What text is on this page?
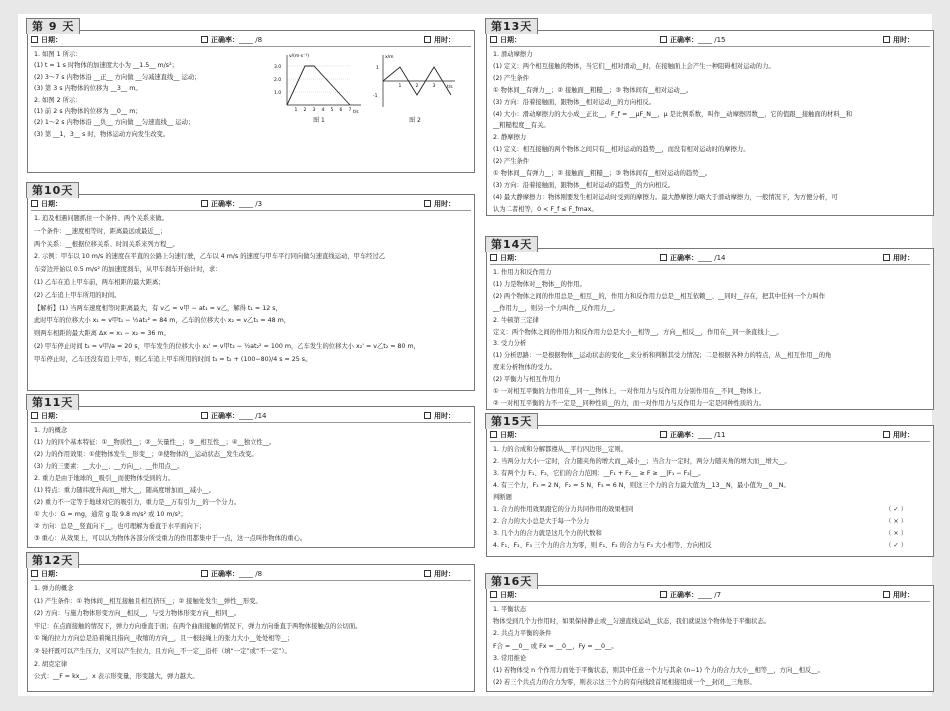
第 9 天
日期：	正确率： ____ /8	用时：

1. 如图 1 所示：

(1) t = 1 s 时物体的加速度大小为 __1.5__ m/s²；

(2) 3～7 s 内物体沿 __正__ 方向做 __匀减速直线__ 运动；

(3) 第 3 s 内物体的位移为 __3__ m。

2. 如图 2 所示：

(1) 前 2 s 内物体的位移为 __0__ m；

(2) 1～2 s 内物体沿 __负__ 方向做 __匀速直线__ 运动；

(3) 第 __1，3__ s 时，物体运动方向发生改变。

v/(m·s⁻¹)
t/s
3.0
2.0
1.0
1 2 3 4 5 6 7
图 1
x/m
t/s
1
-1
1	2	3
图 2
第10天
日期：	正确率： ____ /3	用时：

1. 追及相遇问题抓住一个条件、两个关系来做。

一个条件：__速度相等时，距离最远或最近__；

两个关系：__根据位移关系、时间关系来列方程__。

2. 示例：甲车以 10 m/s 的速度在平直的公路上匀速行驶，乙车以 4 m/s 的速度与甲车平行同向做匀速直线运动，甲车经过乙

车旁边开始以 0.5 m/s² 的加速度刹车，从甲车刹车开始计时，求：

(1) 乙车在追上甲车前，两车相距的最大距离；

(2) 乙车追上甲车所用的时间。

【解析】(1) 当两车速度相等时距离最大，有 v乙 = v甲 − at₁ = v乙，解得 t₁ = 12 s，

此时甲车的位移大小 x₁ = v甲t₁ − ½at₁² = 84 m，乙车的位移大小 x₂ = v乙t₁ = 48 m，

则两车相距的最大距离 Δx = x₁ − x₂ = 36 m。

(2) 甲车停止时间 t₂ = v甲/a = 20 s，甲车发生的位移大小 x₁' = v甲t₂ − ½at₂² = 100 m，乙车发生的位移大小 x₂' = v乙t₂ = 80 m，

甲车停止时，乙车还没有追上甲车，则乙车追上甲车所用的时间 t₃ = t₂ + (100−80)/4 s = 25 s。

第11天
日期：	正确率： ____ /14	用时：

1. 力的概念

(1) 力的四个基本特征：①__物质性__；②__矢量性__；③__相互性__；④__独立性__。

(2) 力的作用效果：①使物体发生__形变__；②使物体的__运动状态__发生改变。

(3) 力的三要素：__大小__、__方向__、__作用点__。

2. 重力是由于地球的__吸引__而使物体受到的力。

(1) 特点：重力随纬度升高而__增大__，随高度增加而__减小__。

(2) 重力不一定等于地球对它的吸引力，重力是__万有引力__的一个分力。

① 大小：G = mg，通常 g 取 9.8 m/s² 或 10 m/s²；

② 方向：总是__竖直向下__，也可理解为垂直于水平面向下；

③ 重心：从效果上，可以认为物体各部分所受重力的作用都集中于一点，这一点叫作物体的重心。

第12天
日期：	正确率： ____ /8	用时：

1. 弹力的概念

(1) 产生条件：① 物体间__相互接触且相互挤压__；② 接触处发生__弹性__形变。

(2) 方向：与施力物体形变方向__相反__，与受力物体形变方向__相同__。

牢记：在点面接触的情况下，弹力方向垂直于面；在两个曲面接触的情况下，弹力方向垂直于两物体接触点的公切面。

① 绳的拉力方向总是沿着绳且指向__收缩的方向__，且一根轻绳上的张力大小__处处相等__；

② 轻杆既可以产生压力，又可以产生拉力，且方向__不一定__沿杆（填“一定”或“不一定”）。

2. 胡克定律

公式：__F = kx__，x 表示形变量，形变越大，弹力越大。

第13天
日期：	正确率： ____ /15	用时：

1. 滑动摩擦力

(1) 定义：两个相互接触的物体，当它们__相对滑动__时，在接触面上会产生一种阻碍相对运动的力。

(2) 产生条件

① 物体间__有弹力__；② 接触面__粗糙__；③ 物体间有__相对运动__。

(3) 方向：沿着接触面，跟物体__相对运动__的方向相反。

(4) 大小：滑动摩擦力的大小成__正比__，F_f = __μF_N__，μ 是比例系数，叫作__动摩擦因数__，它的值跟__接触面的材料__和

__粗糙程度__有关。

2. 静摩擦力

(1) 定义：相互接触的两个物体之间只有__相对运动的趋势__，而没有相对运动时的摩擦力。

(2) 产生条件

① 物体间__有弹力__；② 接触面__粗糙__；③ 物体间有__相对运动的趋势__。

(3) 方向：沿着接触面，跟物体__相对运动的趋势__的方向相反。

(4) 最大静摩擦力：物体刚要发生相对运动时受到的摩擦力。最大静摩擦力略大于滑动摩擦力，一般情况下，为方便分析，可

认为二者相等，0 < F_f ≤ F_fmax。

第14天
日期：	正确率： ____ /14	用时：

1. 作用力和反作用力

(1) 力是物体对__物体__的作用。

(2) 两个物体之间的作用总是__相互__的，作用力和反作用力总是__相互依赖__、__同时__存在，把其中任何一个力叫作

__作用力__，则另一个力叫作__反作用力__。

2. 牛顿第三定律

定义：两个物体之间的作用力和反作用力总是大小__相等__，方向__相反__，作用在__同一条直线上__。

3. 受力分析

(1) 分析思路：一是根据物体__运动状态的变化__来分析和判断其受力情况；二是根据各种力的特点，从__相互作用__的角

度来分析物体的受力。

(2) 平衡力与相互作用力

① 一对相互平衡的力作用在__同一__物体上，一对作用力与反作用力分别作用在__不同__物体上。

② 一对相互平衡的力不一定是__同种性质__的力，而一对作用力与反作用力一定是同种性质的力。

第15天
日期：	正确率： ____ /11	用时：

1. 力的合成和分解都遵从__平行四边形__定则。

2. 当两分力大小一定时，合力随夹角的增大而__减小__；当合力一定时，两分力随夹角的增大而__增大__。

3. 有两个力 F₁、F₂，它们的合力范围：__F₁ + F₂__ ≥ F ≥ __|F₁ − F₂|__。

4. 有三个力，F₁ = 2 N，F₂ = 5 N，F₃ = 6 N，则这三个力的合力最大值为__13__N，最小值为__0__N。

判断题

1. 合力的作用效果跟它的分力共同作用的效果相同	（ ✓ ）

2. 合力的大小总是大于每一个分力	（ × ）

3. 几个力的合力就是这几个力的代数和	（ × ）

4. F₁、F₂、F₃ 三个力的合力为零，则 F₁、F₂ 的合力与 F₃ 大小相等、方向相反	（ ✓ ）

第16天
日期：	正确率： ____ /7	用时：

1. 平衡状态

物体受到几个力作用时，如果保持静止或__匀速直线运动__状态，我们就说这个物体处于平衡状态。

2. 共点力平衡的条件

F合 = __0__ 或 Fx = __0__，Fy = __0__。

3. 常用推论

(1) 若物体受 n 个作用力而处于平衡状态，则其中任意一个力与其余 (n−1) 个力的合力大小__相等__，方向__相反__。

(2) 若三个共点力的合力为零，则表示这三个力的有向线段首尾相接组成一个__封闭__三角形。
